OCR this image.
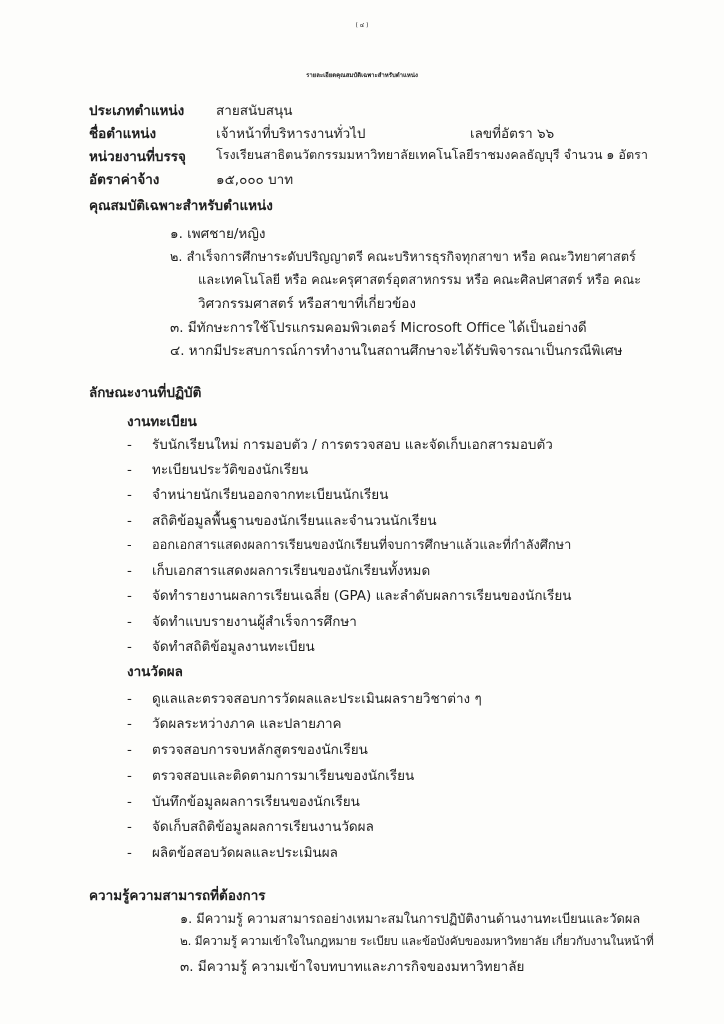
( ๔ )
รายละเอียดคุณสมบัติเฉพาะสำหรับตำแหน่ง
ประเภทตำแหน่ง สายสนับสนุน
ชื่อตำแหน่ง	เจ้าหน้าที่บริหารงานทั่วไป	เลขที่อัตรา ๖๖
หน่วยงานที่บรรจุ โรงเรียนสาธิตนวัตกรรมมหาวิทยาลัยเทคโนโลยีราชมงคลธัญบุรี จำนวน ๑ อัตรา
อัตราค่าจ้าง	๑๕,๐๐๐ บาท
คุณสมบัติเฉพาะสำหรับตำแหน่ง
๑. เพศชาย/หญิง
๒. สำเร็จการศึกษาระดับปริญญาตรี คณะบริหารธุรกิจทุกสาขา หรือ คณะวิทยาศาสตร์
และเทคโนโลยี หรือ คณะครุศาสตร์อุตสาหกรรม หรือ คณะศิลปศาสตร์ หรือ คณะ
วิศวกรรมศาสตร์ หรือสาขาที่เกี่ยวข้อง
๓. มีทักษะการใช้โปรแกรมคอมพิวเตอร์ Microsoft Office ได้เป็นอย่างดี
๔. หากมีประสบการณ์การทำงานในสถานศึกษาจะได้รับพิจารณาเป็นกรณีพิเศษ
ลักษณะงานที่ปฏิบัติ
งานทะเบียน
- รับนักเรียนใหม่ การมอบตัว / การตรวจสอบ และจัดเก็บเอกสารมอบตัว
- ทะเบียนประวัติของนักเรียน
- จำหน่ายนักเรียนออกจากทะเบียนนักเรียน
- สถิติข้อมูลพื้นฐานของนักเรียนและจำนวนนักเรียน
- ออกเอกสารแสดงผลการเรียนของนักเรียนที่จบการศึกษาแล้วและที่กำลังศึกษา
- เก็บเอกสารแสดงผลการเรียนของนักเรียนทั้งหมด
- จัดทำรายงานผลการเรียนเฉลี่ย (GPA) และลำดับผลการเรียนของนักเรียน
- จัดทำแบบรายงานผู้สำเร็จการศึกษา
- จัดทำสถิติข้อมูลงานทะเบียน
งานวัดผล
- ดูแลและตรวจสอบการวัดผลและประเมินผลรายวิชาต่าง ๆ
- วัดผลระหว่างภาค และปลายภาค
- ตรวจสอบการจบหลักสูตรของนักเรียน
- ตรวจสอบและติดตามการมาเรียนของนักเรียน
- บันทึกข้อมูลผลการเรียนของนักเรียน
- จัดเก็บสถิติข้อมูลผลการเรียนงานวัดผล
- ผลิตข้อสอบวัดผลและประเมินผล
ความรู้ความสามารถที่ต้องการ
๑. มีความรู้ ความสามารถอย่างเหมาะสมในการปฏิบัติงานด้านงานทะเบียนและวัดผล
๒. มีความรู้ ความเข้าใจในกฎหมาย ระเบียบ และข้อบังคับของมหาวิทยาลัย เกี่ยวกับงานในหน้าที่
๓. มีความรู้ ความเข้าใจบทบาทและภารกิจของมหาวิทยาลัย
